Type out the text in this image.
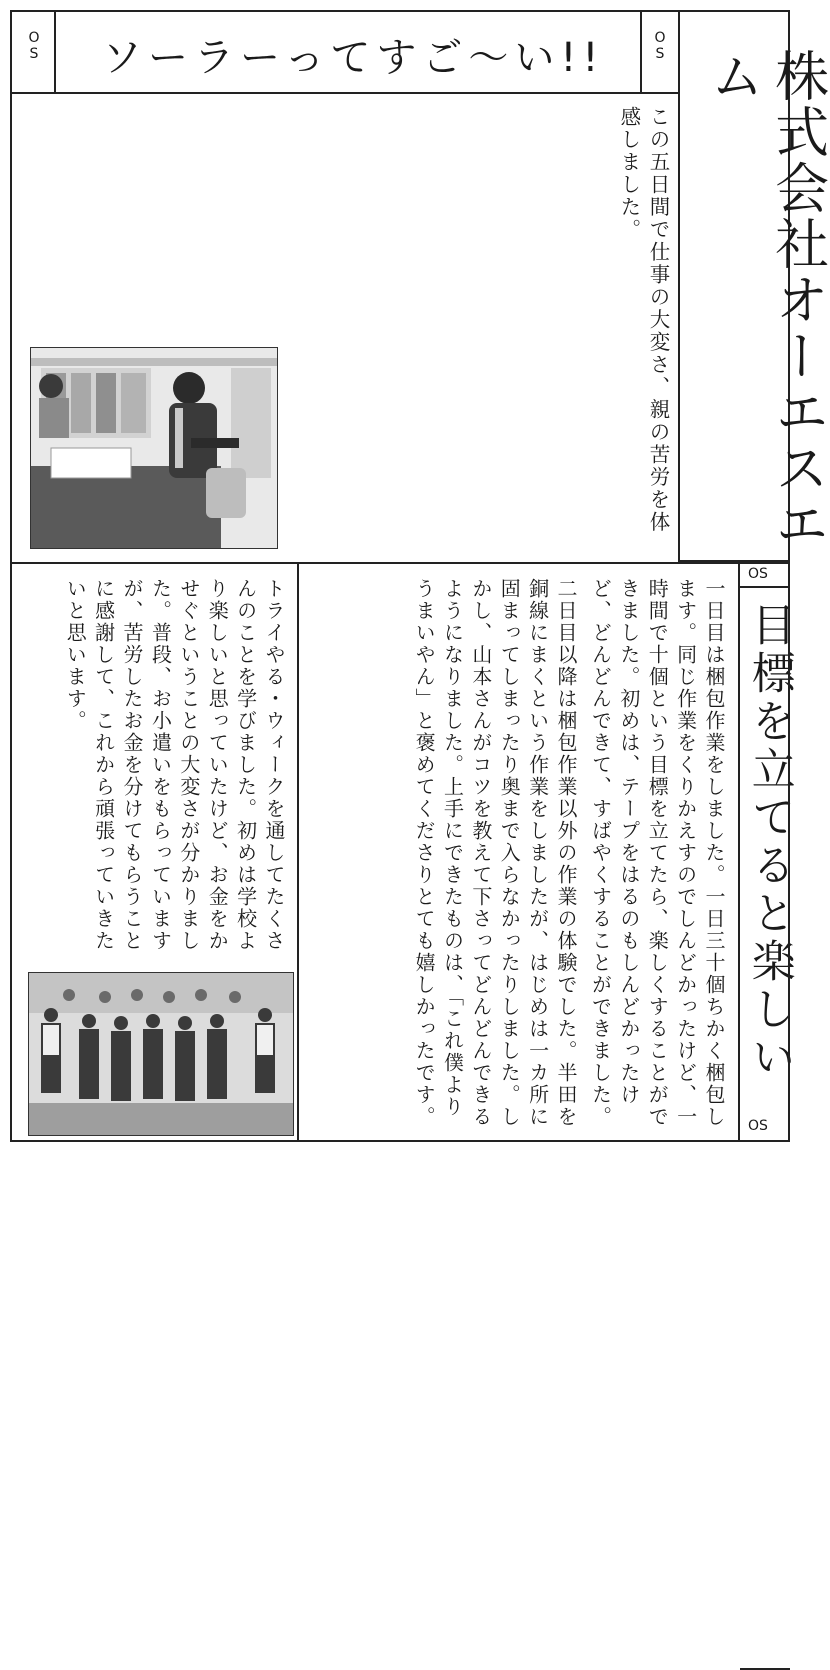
OS ソーラーってすご〜い!!	OS
株式会社オーエスエム

この五日間で仕事の大変さ、親の苦労を体感しました。

OS
目標を立てると楽しい
OS

一日目は梱包作業をしました。一日三十個ちかく梱包します。同じ作業をくりかえすのでしんどかったけど、一時間で十個という目標を立てたら、楽しくすることができました。初めは、テープをはるのもしんどかったけど、どんどんできて、すばやくすることができました。

二日目以降は梱包作業以外の作業の体験でした。半田を銅線にまくという作業をしましたが、はじめは一カ所に固まってしまったり奥まで入らなかったりしました。しかし、山本さんがコツを教えて下さってどんどんできるようになりました。上手にできたものは、「これ僕よりうまいやん」と褒めてくださりとても嬉しかったです。

トライやる・ウィークを通してたくさんのことを学びました。初めは学校より楽しいと思っていたけど、お金をかせぐということの大変さが分かりました。普段、お小遣いをもらっていますが、苦労したお金を分けてもらうことに感謝して、これから頑張っていきたいと思います。
